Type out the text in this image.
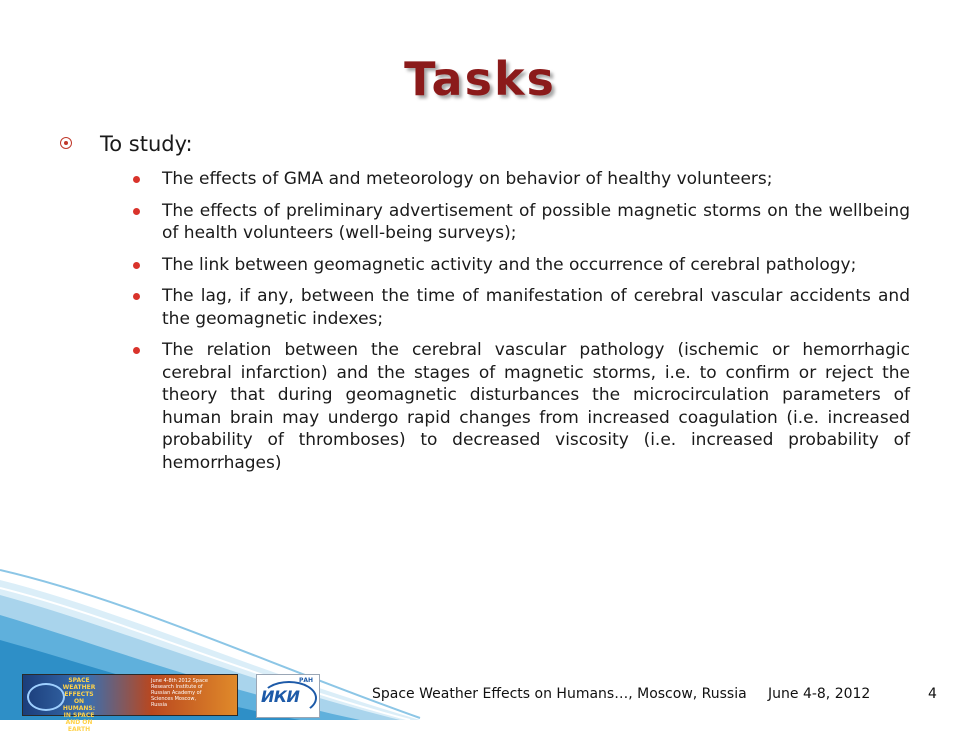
Tasks
To study:
The effects of GMA and meteorology on behavior of healthy volunteers;
The effects of preliminary advertisement of possible magnetic storms on the wellbeing of health volunteers (well-being surveys);
The link between geomagnetic activity and the occurrence of cerebral pathology;
The lag, if any, between the time of manifestation of cerebral vascular accidents and the geomagnetic indexes;
The relation between the cerebral vascular pathology (ischemic or hemorrhagic cerebral infarction) and the stages of magnetic storms, i.e. to confirm or reject the theory that during geomagnetic disturbances the microcirculation parameters of human brain may undergo rapid changes from increased coagulation (i.e. increased probability of thromboses) to decreased viscosity (i.e. increased probability of hemorrhages)
SPACE WEATHER EFFECTS ON HUMANS: IN SPACE AND ON EARTH
June 4-8th 2012 Space Research Institute of Russian Academy of Sciences Moscow, Russia	ИКИ
РАН
Space Weather Effects on Humans…, Moscow, Russia June 4-8, 2012	4
